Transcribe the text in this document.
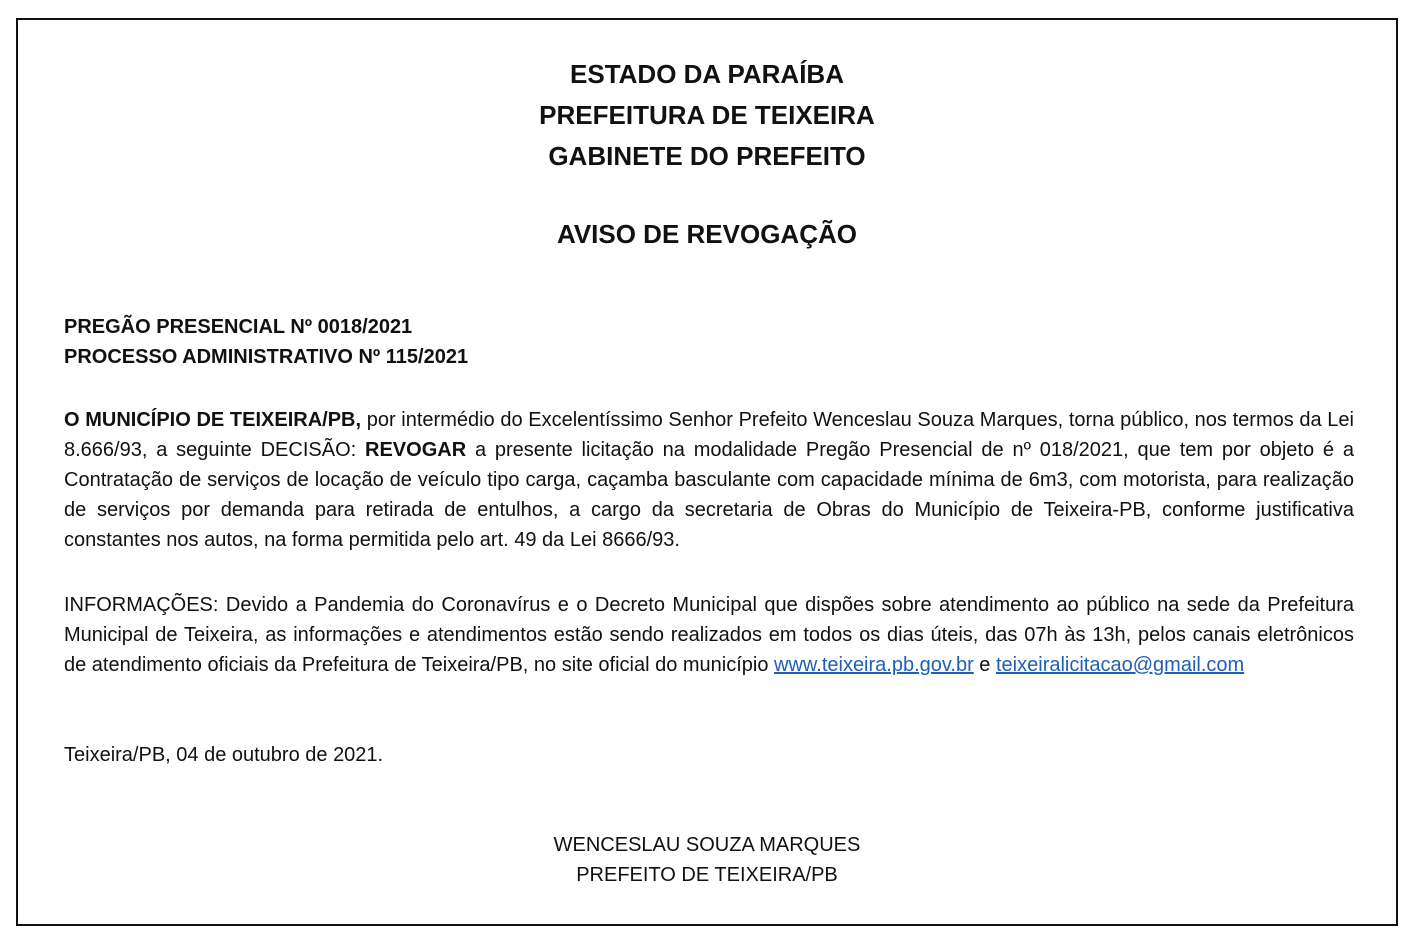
ESTADO DA PARAÍBA
PREFEITURA DE TEIXEIRA
GABINETE DO PREFEITO
AVISO DE REVOGAÇÃO
PREGÃO PRESENCIAL Nº 0018/2021
PROCESSO ADMINISTRATIVO Nº 115/2021
O MUNICÍPIO DE TEIXEIRA/PB, por intermédio do Excelentíssimo Senhor Prefeito Wenceslau Souza Marques, torna público, nos termos da Lei 8.666/93, a seguinte DECISÃO: REVOGAR a presente licitação na modalidade Pregão Presencial de nº 018/2021, que tem por objeto é a Contratação de serviços de locação de veículo tipo carga, caçamba basculante com capacidade mínima de 6m3, com motorista, para realização de serviços por demanda para retirada de entulhos, a cargo da secretaria de Obras do Município de Teixeira-PB, conforme justificativa constantes nos autos, na forma permitida pelo art. 49 da Lei 8666/93.
INFORMAÇÕES: Devido a Pandemia do Coronavírus e o Decreto Municipal que dispões sobre atendimento ao público na sede da Prefeitura Municipal de Teixeira, as informações e atendimentos estão sendo realizados em todos os dias úteis, das 07h às 13h, pelos canais eletrônicos de atendimento oficiais da Prefeitura de Teixeira/PB, no site oficial do município www.teixeira.pb.gov.br e teixeiralicitacao@gmail.com
Teixeira/PB, 04 de outubro de 2021.
WENCESLAU SOUZA MARQUES
PREFEITO DE TEIXEIRA/PB
